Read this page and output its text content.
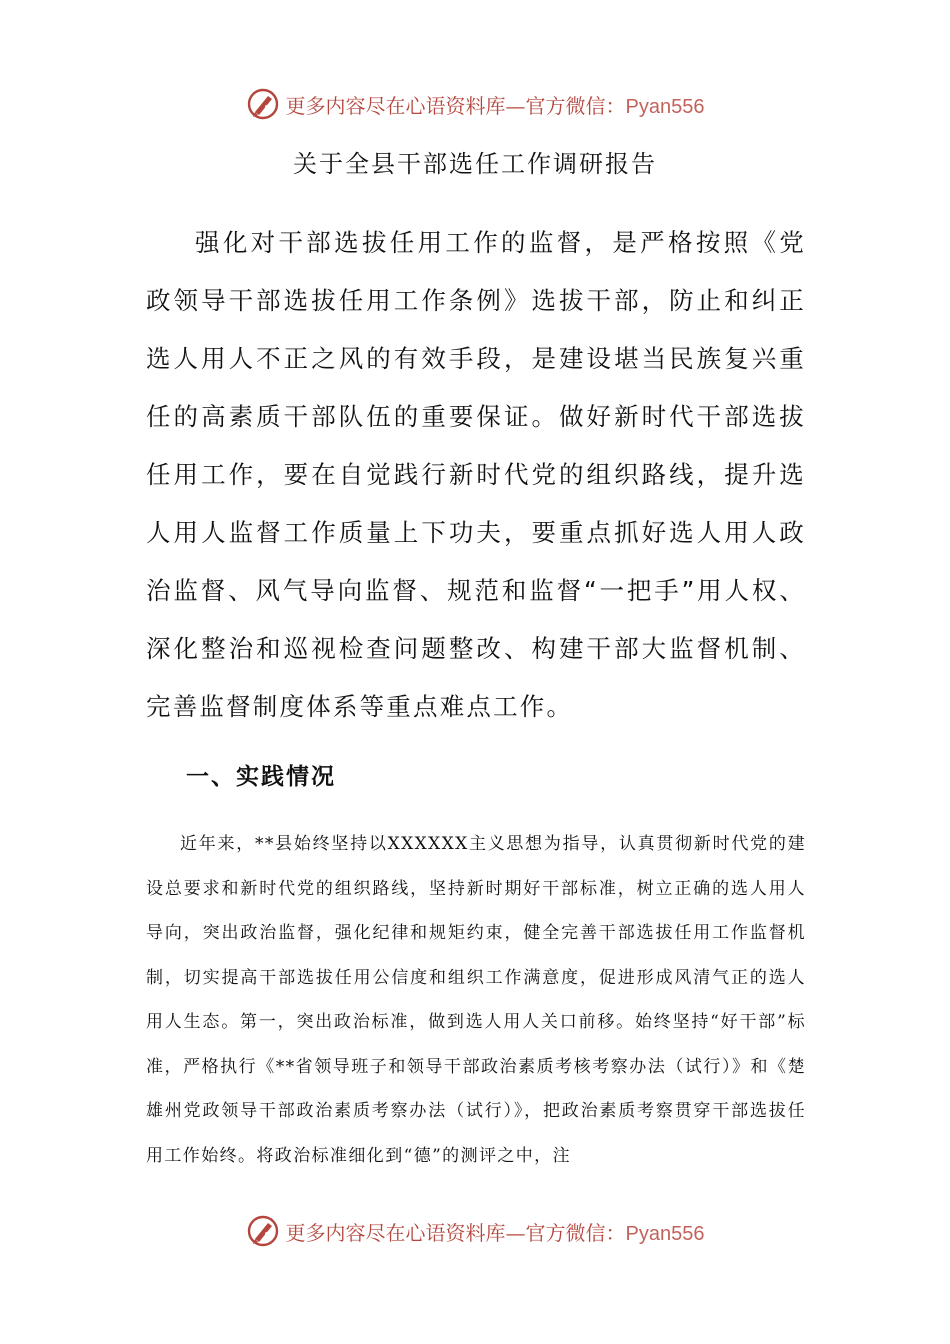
更多内容尽在心语资料库—官方微信：Pyan556
关于全县干部选任工作调研报告

强化对干部选拔任用工作的监督，是严格按照《党政领导干部选拔任用工作条例》选拔干部，防止和纠正选人用人不正之风的有效手段，是建设堪当民族复兴重任的高素质干部队伍的重要保证。做好新时代干部选拔任用工作，要在自觉践行新时代党的组织路线，提升选人用人监督工作质量上下功夫，要重点抓好选人用人政治监督、风气导向监督、规范和监督“一把手”用人权、深化整治和巡视检查问题整改、构建干部大监督机制、完善监督制度体系等重点难点工作。

一、实践情况

近年来，**县始终坚持以XXXXXX主义思想为指导，认真贯彻新时代党的建设总要求和新时代党的组织路线，坚持新时期好干部标准，树立正确的选人用人导向，突出政治监督，强化纪律和规矩约束，健全完善干部选拔任用工作监督机制，切实提高干部选拔任用公信度和组织工作满意度，促进形成风清气正的选人用人生态。第一，突出政治标准，做到选人用人关口前移。始终坚持“好干部”标准，严格执行《**省领导班子和领导干部政治素质考核考察办法（试行）》和《楚雄州党政领导干部政治素质考察办法（试行）》，把政治素质考察贯穿干部选拔任用工作始终。将政治标准细化到“德”的测评之中，注

更多内容尽在心语资料库—官方微信：Pyan556
